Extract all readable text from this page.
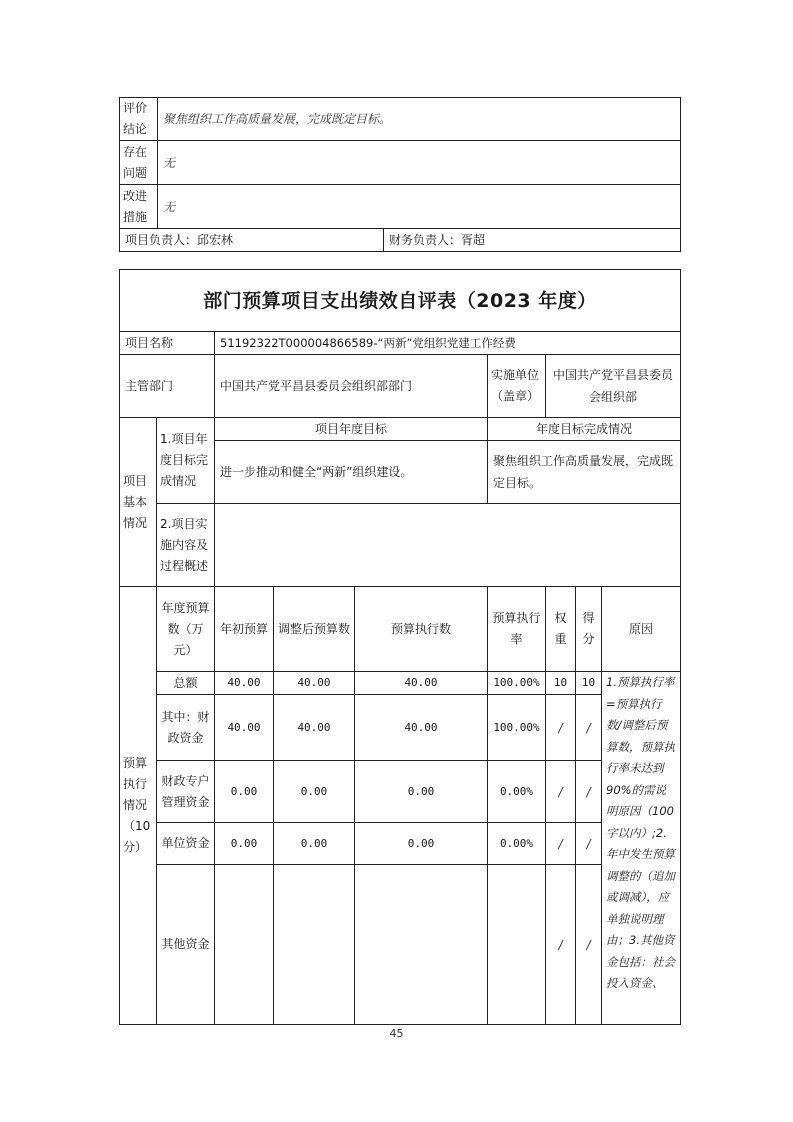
评价结论	聚焦组织工作高质量发展，完成既定目标。	
存在问题	无	
改进措施	无	
项目负责人：邱宏林		财务负责人：胥超
部门预算项目支出绩效自评表（2023 年度）								
项目名称		51192322T000004866589-“两新”党组织党建工作经费						
主管部门		中国共产党平昌县委员会组织部部门			实施单位（盖章）	中国共产党平昌县委员会组织部		
项目基本情况	1.项目年度目标完成情况	项目年度目标			年度目标完成情况			
		进一步推动和健全“两新”组织建设。			聚焦组织工作高质量发展，完成既定目标。			
	2.项目实施内容及过程概述							
预算执行情况（10分）	年度预算数（万元）	年初预算	调整后预算数	预算执行数	预算执行率	权重	得分	原因
	总额	40.00	40.00	40.00	100.00%	10	10	1.预算执行率=预算执行数/调整后预算数，预算执行率未达到90%的需说明原因（100字以内）;2.年中发生预算调整的（追加或调减），应单独说明理由；3.其他资金包括：社会投入资金、
	其中：财政资金	40.00	40.00	40.00	100.00%	/	/	
	财政专户管理资金	0.00	0.00	0.00	0.00%	/	/	
	单位资金	0.00	0.00	0.00	0.00%	/	/	
	其他资金					/	/	
45
